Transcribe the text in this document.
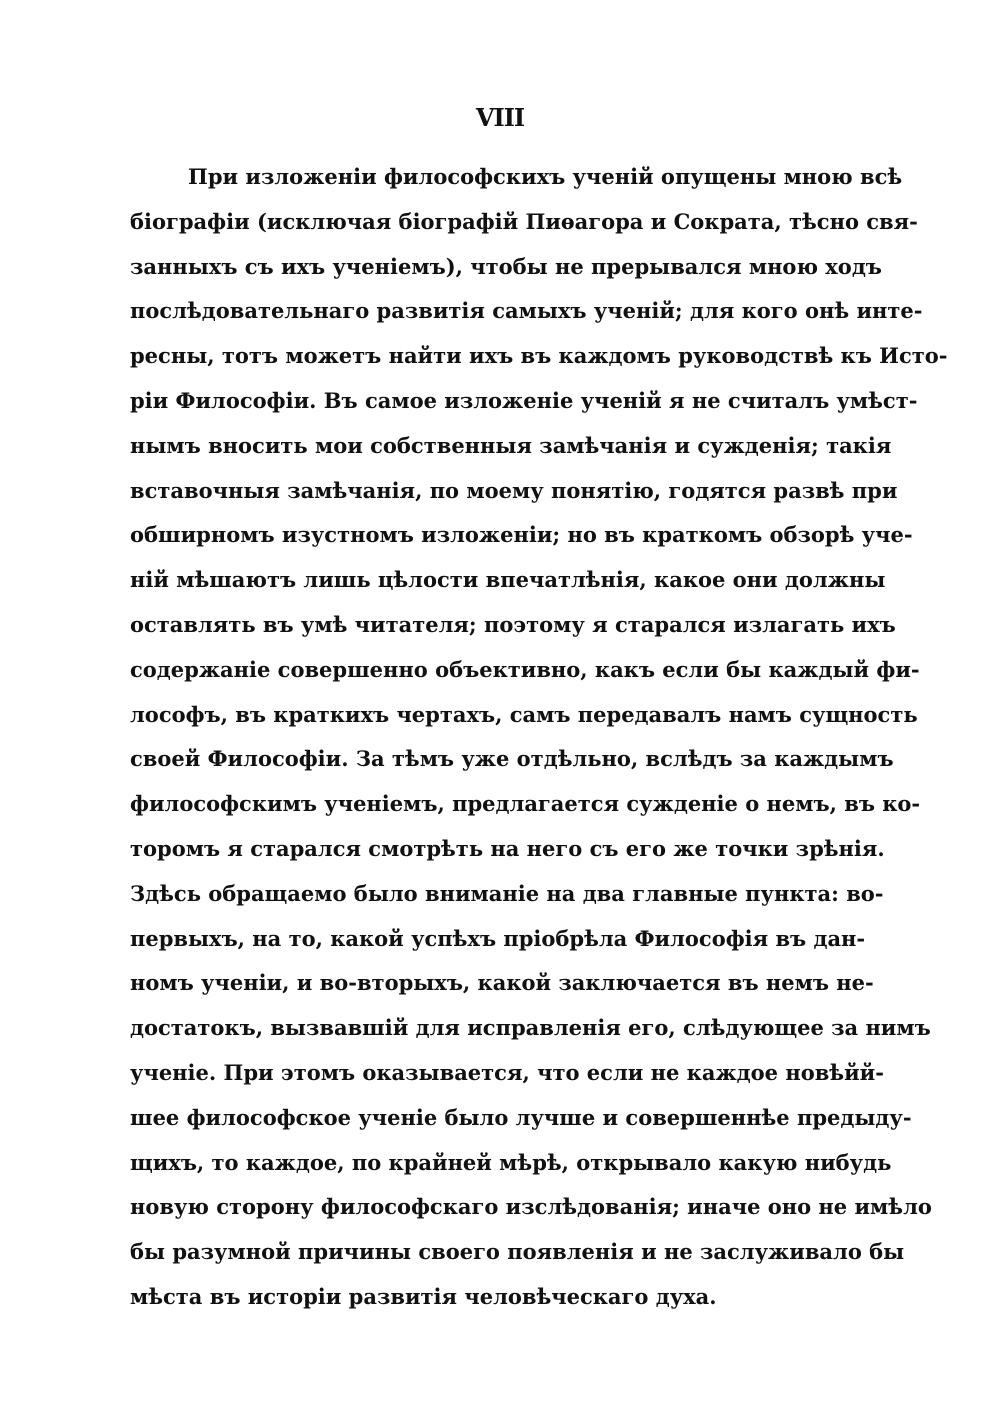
VIII
При изложеніи философскихъ ученій опущены мною всѣ
біографіи (исключая біографій Пиѳагора и Сократа, тѣсно свя-
занныхъ съ ихъ ученіемъ), чтобы не прерывался мною ходъ
послѣдовательнаго развитія самыхъ ученій; для кого онѣ инте-
ресны, тотъ можетъ найти ихъ въ каждомъ руководствѣ къ Исто-
ріи Философіи. Въ самое изложеніе ученій я не считалъ умѣст-
нымъ вносить мои собственныя замѣчанія и сужденія; такія
вставочныя замѣчанія, по моему понятію, годятся развѣ при
обширномъ изустномъ изложеніи; но въ краткомъ обзорѣ уче-
ній мѣшаютъ лишь цѣлости впечатлѣнія, какое они должны
оставлять въ умѣ читателя; поэтому я старался излагать ихъ
содержаніе совершенно объективно, какъ если бы каждый фи-
лософъ, въ краткихъ чертахъ, самъ передавалъ намъ сущность
своей Философіи. За тѣмъ уже отдѣльно, вслѣдъ за каждымъ
философскимъ ученіемъ, предлагается сужденіе о немъ, въ ко-
торомъ я старался смотрѣть на него съ его же точки зрѣнія.
Здѣсь обращаемо было вниманіе на два главные пункта: во-
первыхъ, на то, какой успѣхъ пріобрѣла Философія въ дан-
номъ ученіи, и во-вторыхъ, какой заключается въ немъ не-
достатокъ, вызвавшій для исправленія его, слѣдующее за нимъ
ученіе. При этомъ оказывается, что если не каждое новѣйй-
шее философское ученіе было лучше и совершеннѣе предыду-
щихъ, то каждое, по крайней мѣрѣ, открывало какую нибудь
новую сторону философскаго изслѣдованія; иначе оно не имѣло
бы разумной причины своего появленія и не заслуживало бы
мѣста въ исторіи развитія человѣческаго духа.
